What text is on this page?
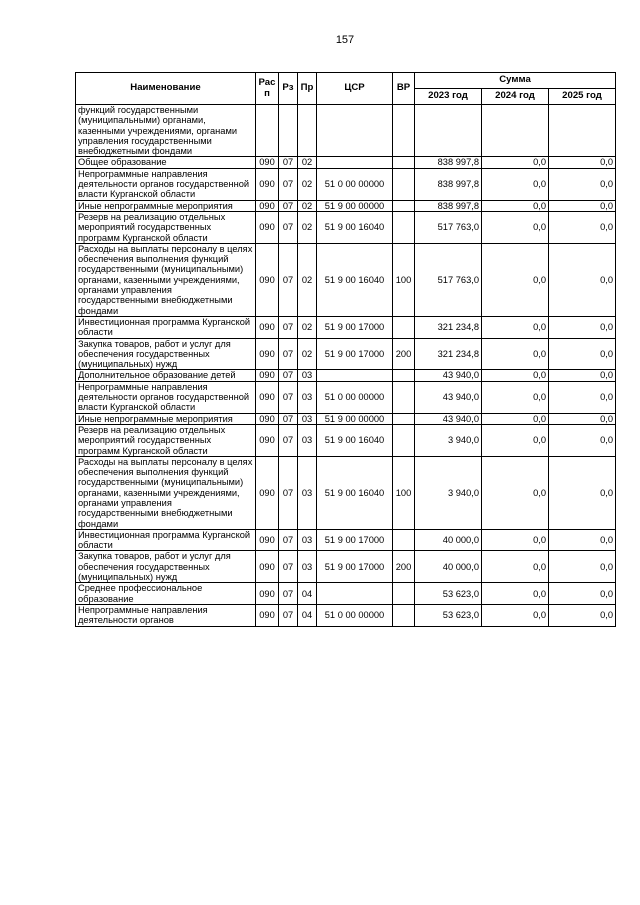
157
Наименование	Рас п	Рз	Пр	ЦСР	ВР	Сумма		
						2023 год	2024 год	2025 год
функций государственными (муниципальными) органами, казенными учреждениями, органами управления государственными внебюджетными фондами								
Общее образование	090	07	02			838 997,8	0,0	0,0
Непрограммные направления деятельности органов государственной власти Курганской области	090	07	02	51 0 00 00000		838 997,8	0,0	0,0
Иные непрограммные мероприятия	090	07	02	51 9 00 00000		838 997,8	0,0	0,0
Резерв на реализацию отдельных мероприятий государственных программ Курганской области	090	07	02	51 9 00 16040		517 763,0	0,0	0,0
Расходы на выплаты персоналу в целях обеспечения выполнения функций государственными (муниципальными) органами, казенными учреждениями, органами управления государственными внебюджетными фондами	090	07	02	51 9 00 16040	100	517 763,0	0,0	0,0
Инвестиционная программа Курганской области	090	07	02	51 9 00 17000		321 234,8	0,0	0,0
Закупка товаров, работ и услуг для обеспечения государственных (муниципальных) нужд	090	07	02	51 9 00 17000	200	321 234,8	0,0	0,0
Дополнительное образование детей	090	07	03			43 940,0	0,0	0,0
Непрограммные направления деятельности органов государственной власти Курганской области	090	07	03	51 0 00 00000		43 940,0	0,0	0,0
Иные непрограммные мероприятия	090	07	03	51 9 00 00000		43 940,0	0,0	0,0
Резерв на реализацию отдельных мероприятий государственных программ Курганской области	090	07	03	51 9 00 16040		3 940,0	0,0	0,0
Расходы на выплаты персоналу в целях обеспечения выполнения функций государственными (муниципальными) органами, казенными учреждениями, органами управления государственными внебюджетными фондами	090	07	03	51 9 00 16040	100	3 940,0	0,0	0,0
Инвестиционная программа Курганской области	090	07	03	51 9 00 17000		40 000,0	0,0	0,0
Закупка товаров, работ и услуг для обеспечения государственных (муниципальных) нужд	090	07	03	51 9 00 17000	200	40 000,0	0,0	0,0
Среднее профессиональное образование	090	07	04			53 623,0	0,0	0,0
Непрограммные направления деятельности органов	090	07	04	51 0 00 00000		53 623,0	0,0	0,0
